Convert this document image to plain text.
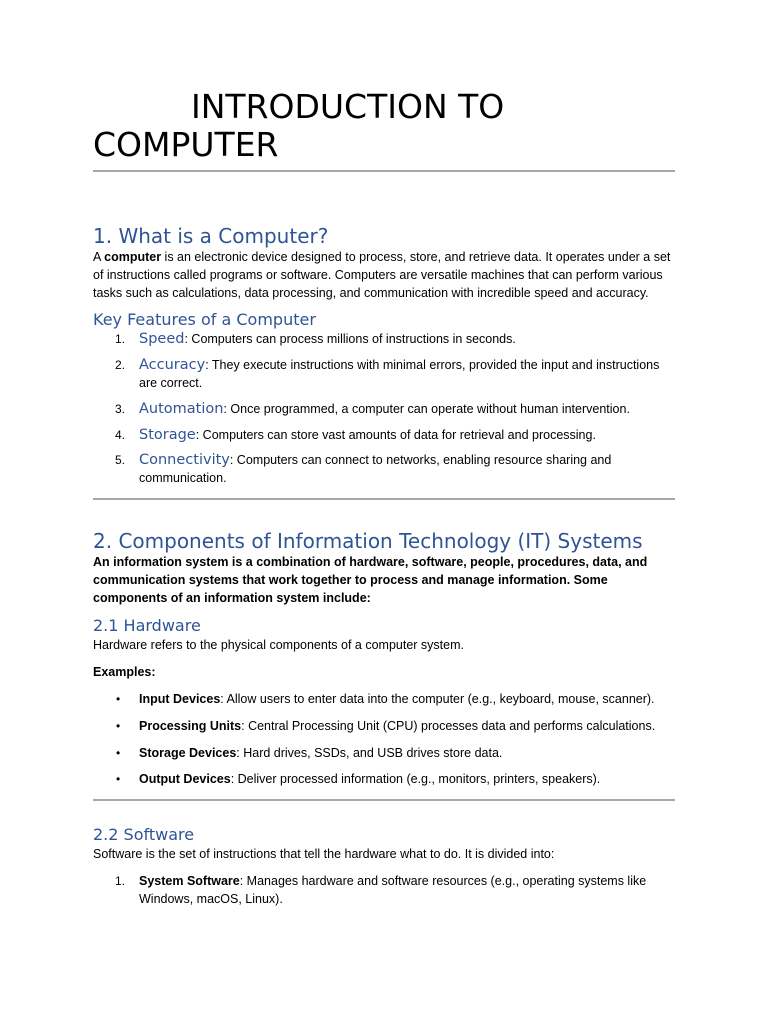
INTRODUCTION TO
COMPUTER
1. What is a Computer?

A computer is an electronic device designed to process, store, and retrieve data. It operates under a set of instructions called programs or software. Computers are versatile machines that can perform various tasks such as calculations, data processing, and communication with incredible speed and accuracy.

Key Features of a Computer
1. Speed: Computers can process millions of instructions in seconds.
2. Accuracy: They execute instructions with minimal errors, provided the input and instructions are correct.
3. Automation: Once programmed, a computer can operate without human intervention.
4. Storage: Computers can store vast amounts of data for retrieval and processing.
5. Connectivity: Computers can connect to networks, enabling resource sharing and communication.
2. Components of Information Technology (IT) Systems

An information system is a combination of hardware, software, people, procedures, data, and communication systems that work together to process and manage information. Some components of an information system include:

2.1 Hardware

Hardware refers to the physical components of a computer system.

Examples:

• Input Devices: Allow users to enter data into the computer (e.g., keyboard, mouse, scanner).
• Processing Units: Central Processing Unit (CPU) processes data and performs calculations.
• Storage Devices: Hard drives, SSDs, and USB drives store data.
• Output Devices: Deliver processed information (e.g., monitors, printers, speakers).
2.2 Software

Software is the set of instructions that tell the hardware what to do. It is divided into:

1. System Software: Manages hardware and software resources (e.g., operating systems like Windows, macOS, Linux).
